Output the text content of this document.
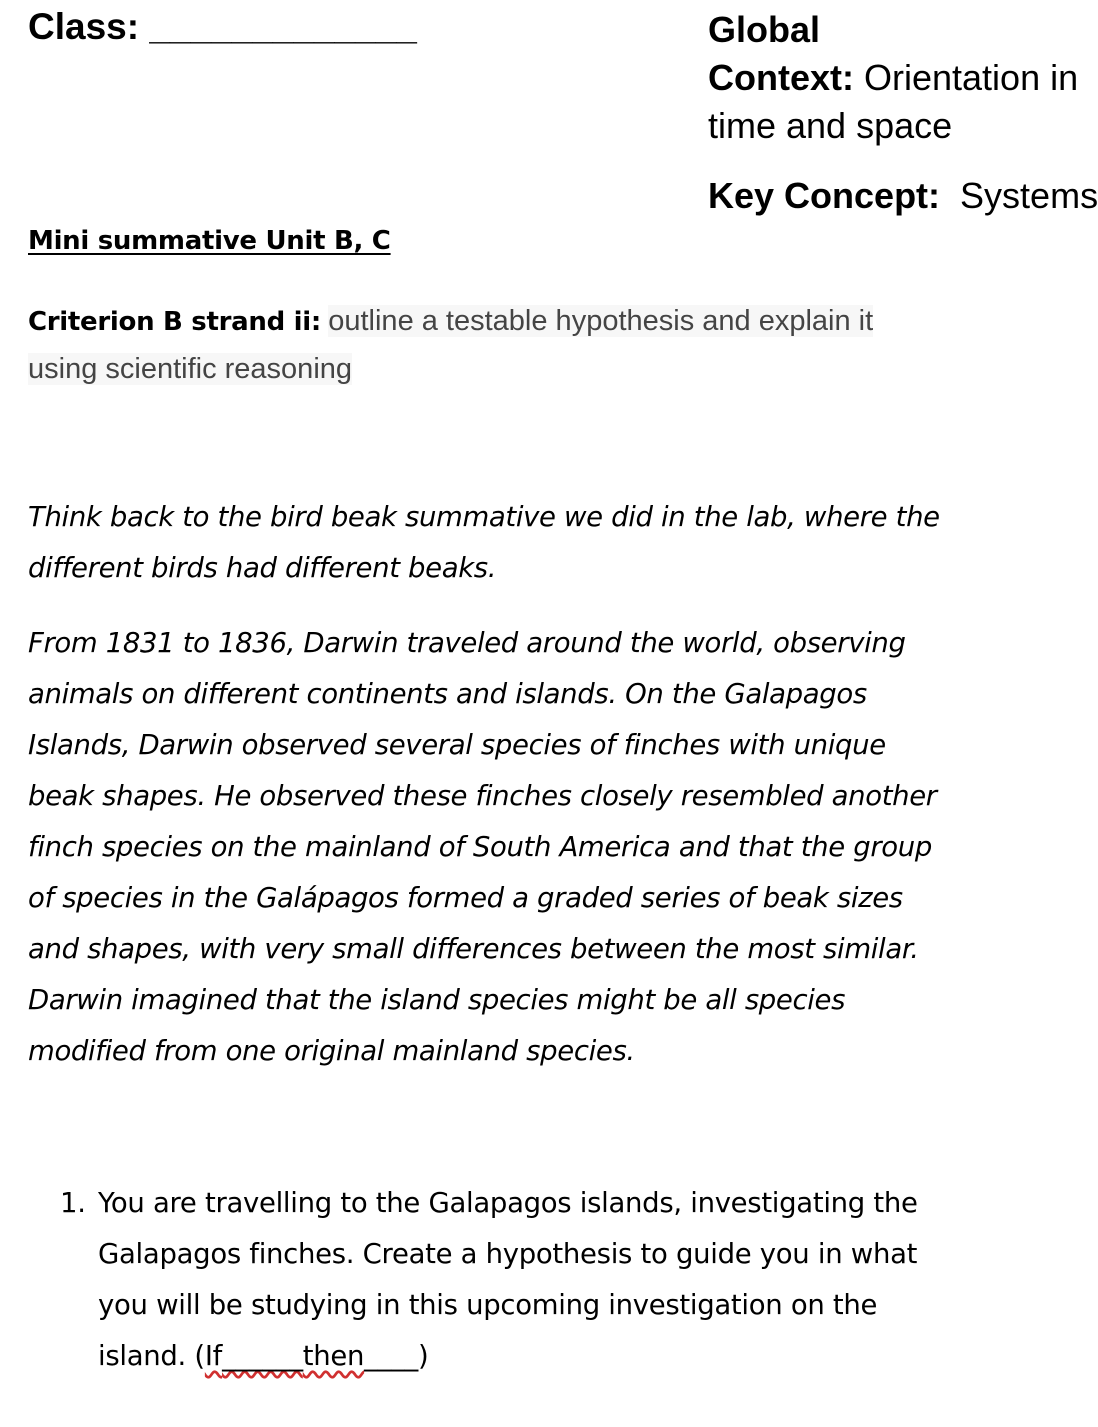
Class: _____________	Global
Context: Orientation in
time and space
Key Concept: Systems
Mini summative Unit B, C
Criterion B strand ii: outline a testable hypothesis and explain it
using scientific reasoning
Think back to the bird beak summative we did in the lab, where the different birds had different beaks.
From 1831 to 1836, Darwin traveled around the world, observing animals on different continents and islands. On the Galapagos Islands, Darwin observed several species of finches with unique beak shapes. He observed these finches closely resembled another finch species on the mainland of South America and that the group of species in the Galápagos formed a graded series of beak sizes and shapes, with very small differences between the most similar. Darwin imagined that the island species might be all species modified from one original mainland species.
1. You are travelling to the Galapagos islands, investigating the Galapagos finches. Create a hypothesis to guide you in what you will be studying in this upcoming investigation on the island. (If______then____)
